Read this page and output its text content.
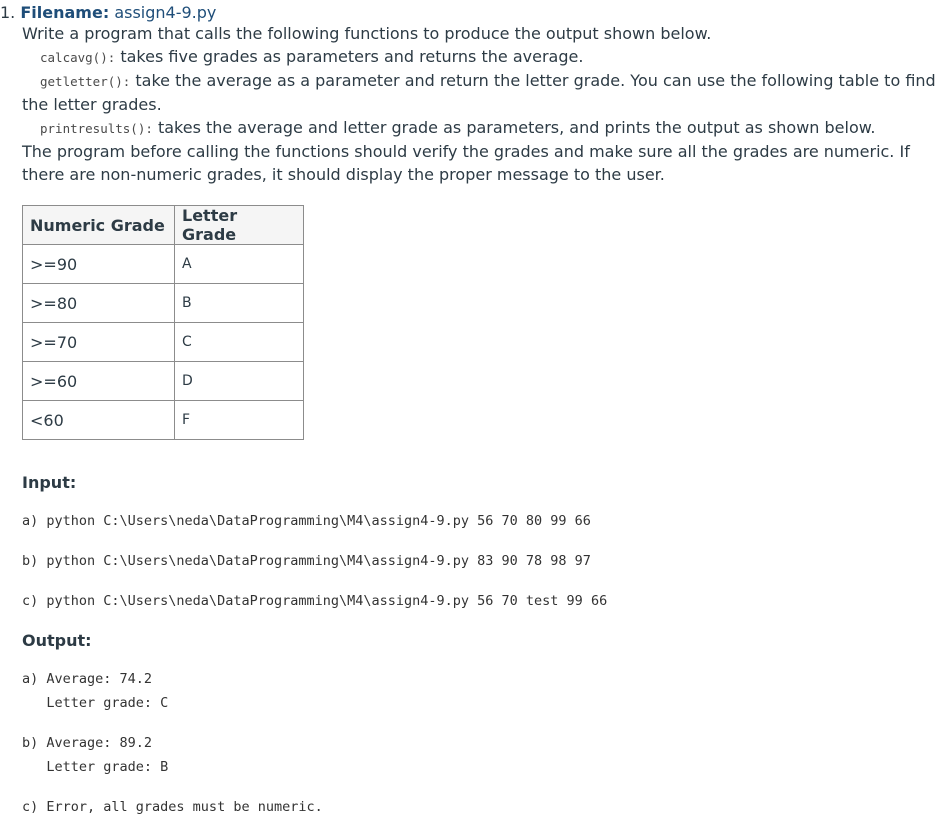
1. Filename: assign4-9.py
Write a program that calls the following functions to produce the output shown below.
calcavg(): takes five grades as parameters and returns the average.
getletter(): take the average as a parameter and return the letter grade. You can use the following table to find the letter grades.
printresults(): takes the average and letter grade as parameters, and prints the output as shown below.
The program before calling the functions should verify the grades and make sure all the grades are numeric. If there are non-numeric grades, it should display the proper message to the user.
Numeric Grade	Letter Grade
>=90	A
>=80	B
>=70	C
>=60	D
<60	F
Input:
a) python C:\Users\neda\DataProgramming\M4\assign4-9.py 56 70 80 99 66
b) python C:\Users\neda\DataProgramming\M4\assign4-9.py 83 90 78 98 97
c) python C:\Users\neda\DataProgramming\M4\assign4-9.py 56 70 test 99 66
Output:
a) Average: 74.2
Letter grade: C
b) Average: 89.2
Letter grade: B
c) Error, all grades must be numeric.
